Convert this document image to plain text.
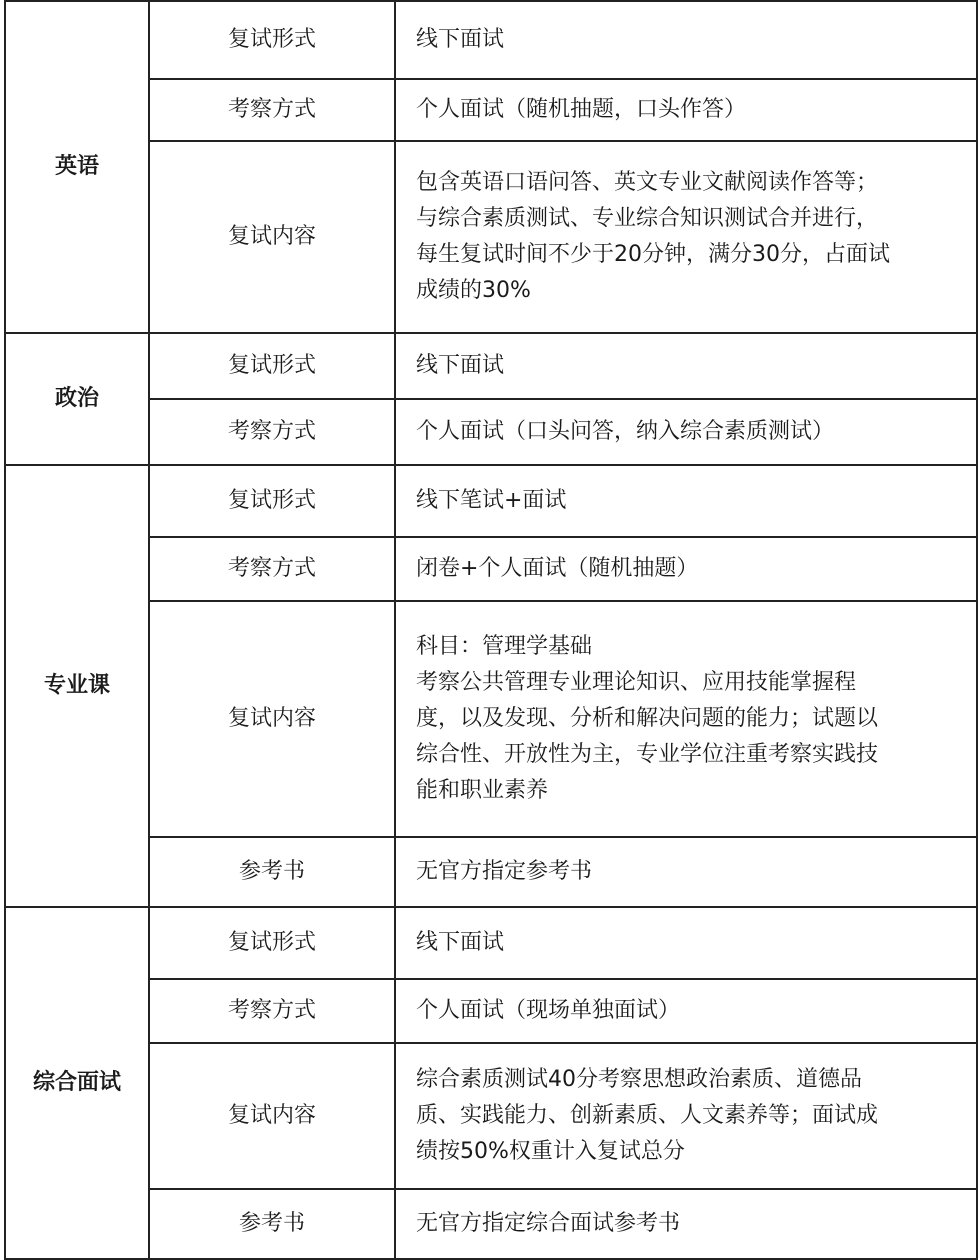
英语	复试形式	线下面试

	考察方式	个人面试（随机抽题，口头作答）

	复试内容	包含英语口语问答、英文专业文献阅读作答等；
与综合素质测试、专业综合知识测试合并进行，
每生复试时间不少于20分钟，满分30分，占面试
成绩的30%

政治	复试形式	线下面试

	考察方式	个人面试（口头问答，纳入综合素质测试）

专业课	复试形式	线下笔试+面试

	考察方式	闭卷+个人面试（随机抽题）

	复试内容	科目：管理学基础
考察公共管理专业理论知识、应用技能掌握程
度，以及发现、分析和解决问题的能力；试题以
综合性、开放性为主，专业学位注重考察实践技
能和职业素养

	参考书	无官方指定参考书

综合面试	复试形式	线下面试

	考察方式	个人面试（现场单独面试）

	复试内容	综合素质测试40分考察思想政治素质、道德品
质、实践能力、创新素质、人文素养等；面试成
绩按50%权重计入复试总分

	参考书	无官方指定综合面试参考书
